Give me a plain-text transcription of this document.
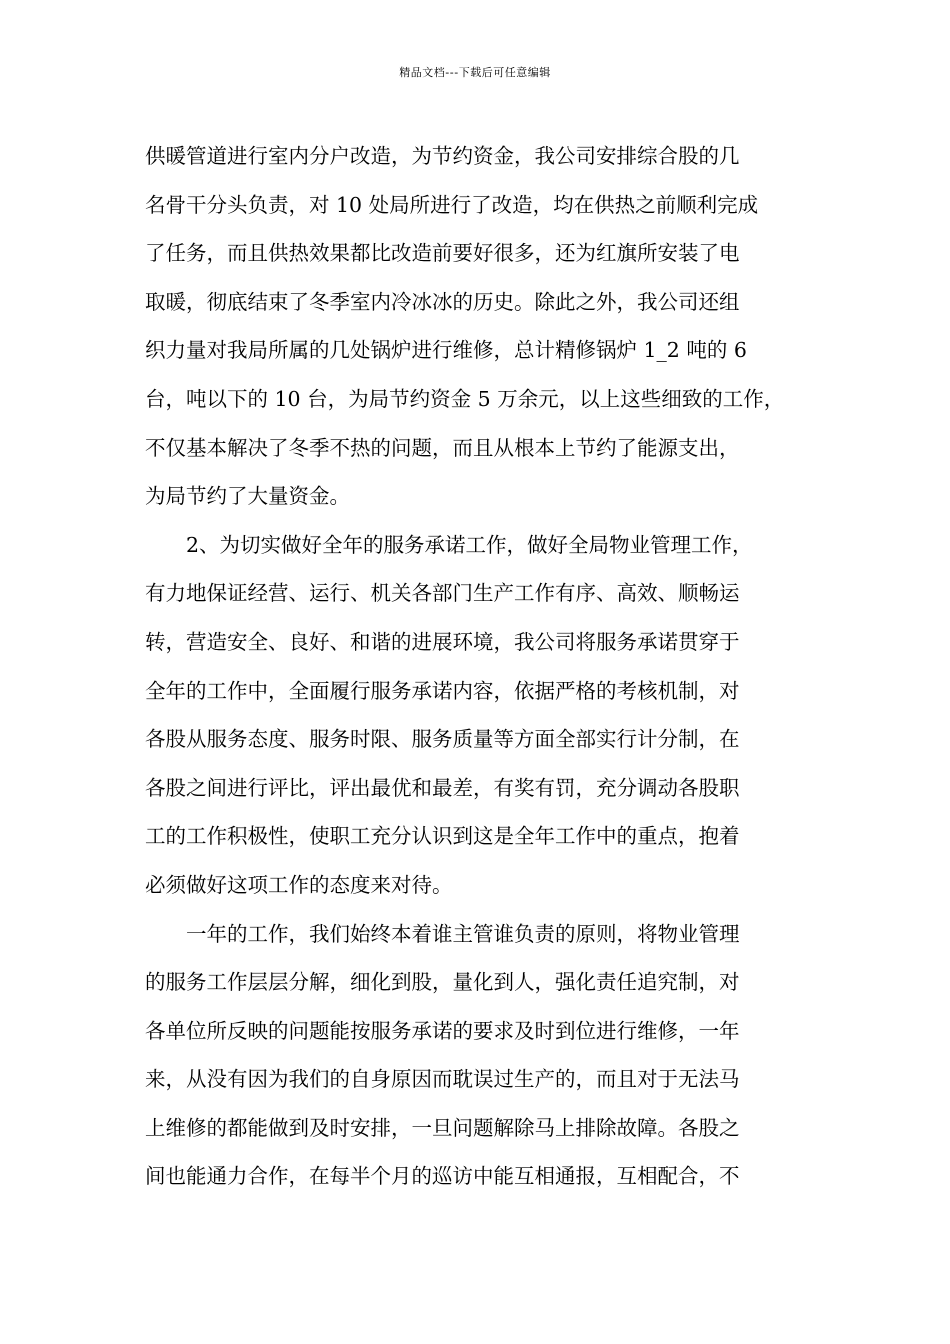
精品文档---下载后可任意编辑
供暖管道进行室内分户改造，为节约资金，我公司安排综合股的几
名骨干分头负责，对 10 处局所进行了改造，均在供热之前顺利完成
了任务，而且供热效果都比改造前要好很多，还为红旗所安装了电
取暖，彻底结束了冬季室内冷冰冰的历史。除此之外，我公司还组
织力量对我局所属的几处锅炉进行维修，总计精修锅炉 1_2 吨的 6
台，吨以下的 10 台，为局节约资金 5 万余元，以上这些细致的工作，
不仅基本解决了冬季不热的问题，而且从根本上节约了能源支出，
为局节约了大量资金。
2、为切实做好全年的服务承诺工作，做好全局物业管理工作，
有力地保证经营、运行、机关各部门生产工作有序、高效、顺畅运
转，营造安全、良好、和谐的进展环境，我公司将服务承诺贯穿于
全年的工作中，全面履行服务承诺内容，依据严格的考核机制，对
各股从服务态度、服务时限、服务质量等方面全部实行计分制，在
各股之间进行评比，评出最优和最差，有奖有罚，充分调动各股职
工的工作积极性，使职工充分认识到这是全年工作中的重点，抱着
必须做好这项工作的态度来对待。
一年的工作，我们始终本着谁主管谁负责的原则，将物业管理
的服务工作层层分解，细化到股，量化到人，强化责任追究制，对
各单位所反映的问题能按服务承诺的要求及时到位进行维修，一年
来，从没有因为我们的自身原因而耽误过生产的，而且对于无法马
上维修的都能做到及时安排，一旦问题解除马上排除故障。各股之
间也能通力合作，在每半个月的巡访中能互相通报，互相配合，不
